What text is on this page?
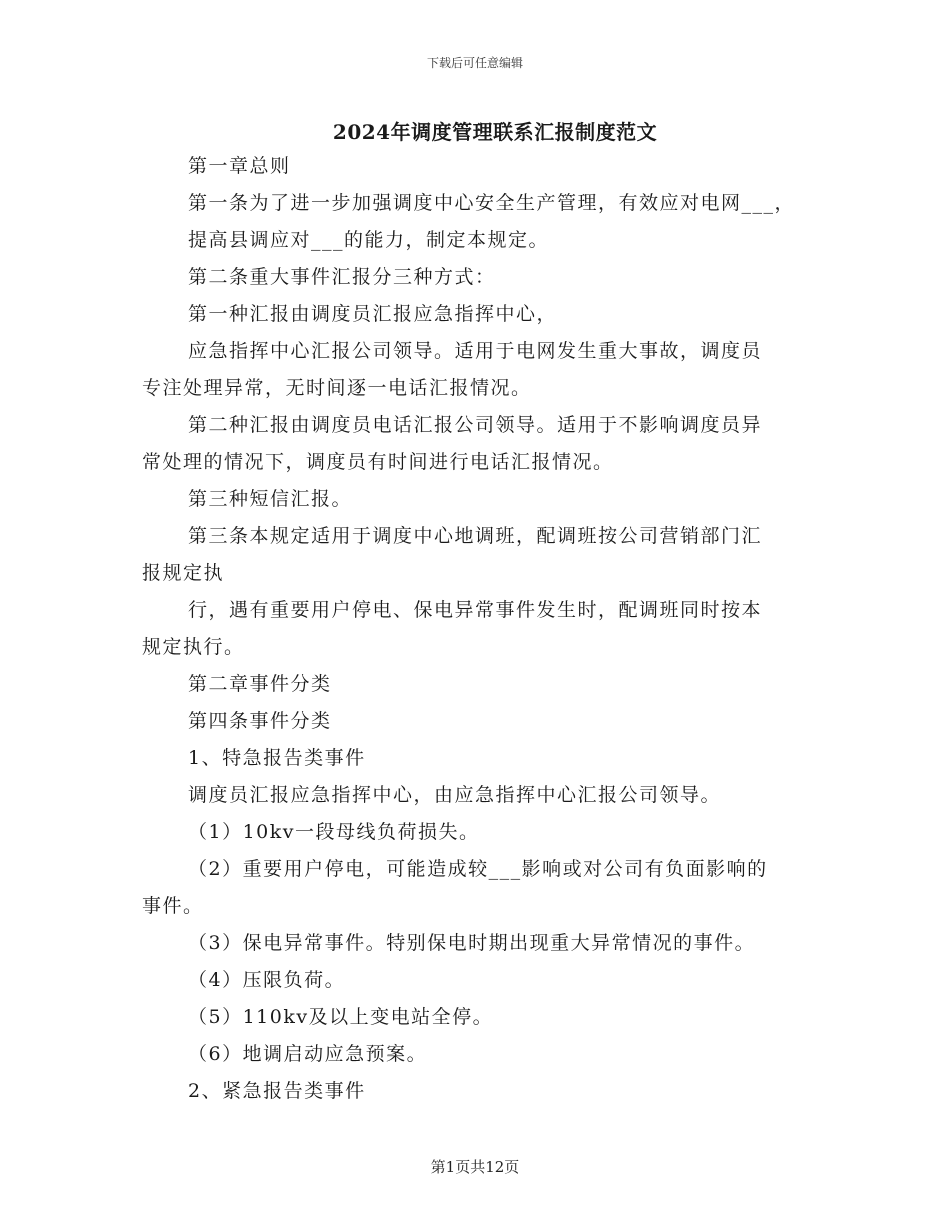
下载后可任意编辑
2024年调度管理联系汇报制度范文
第一章总则
第一条为了进一步加强调度中心安全生产管理，有效应对电网___，
提高县调应对___的能力，制定本规定。
第二条重大事件汇报分三种方式：
第一种汇报由调度员汇报应急指挥中心，
应急指挥中心汇报公司领导。适用于电网发生重大事故，调度员
专注处理异常，无时间逐一电话汇报情况。
第二种汇报由调度员电话汇报公司领导。适用于不影响调度员异
常处理的情况下，调度员有时间进行电话汇报情况。
第三种短信汇报。
第三条本规定适用于调度中心地调班，配调班按公司营销部门汇
报规定执
行，遇有重要用户停电、保电异常事件发生时，配调班同时按本
规定执行。
第二章事件分类
第四条事件分类
1、特急报告类事件
调度员汇报应急指挥中心，由应急指挥中心汇报公司领导。
（1）10kv一段母线负荷损失。
（2）重要用户停电，可能造成较___影响或对公司有负面影响的
事件。
（3）保电异常事件。特别保电时期出现重大异常情况的事件。
（4）压限负荷。
（5）110kv及以上变电站全停。
（6）地调启动应急预案。
2、紧急报告类事件
第1页共12页
